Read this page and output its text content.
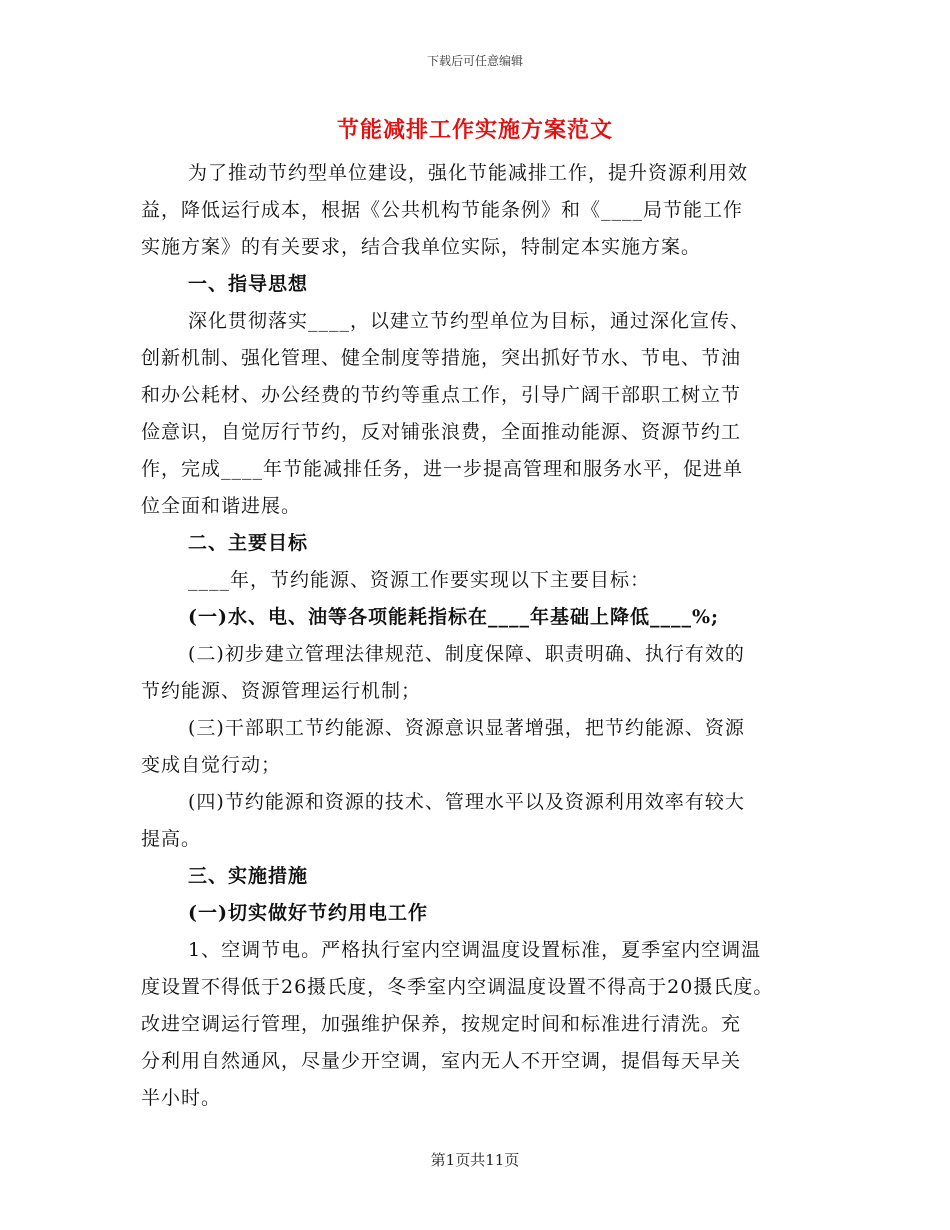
下载后可任意编辑
节能减排工作实施方案范文
为了推动节约型单位建设，强化节能减排工作，提升资源利用效
益，降低运行成本，根据《公共机构节能条例》和《____局节能工作
实施方案》的有关要求，结合我单位实际，特制定本实施方案。
一、指导思想
深化贯彻落实____，以建立节约型单位为目标，通过深化宣传、
创新机制、强化管理、健全制度等措施，突出抓好节水、节电、节油
和办公耗材、办公经费的节约等重点工作，引导广阔干部职工树立节
俭意识，自觉厉行节约，反对铺张浪费，全面推动能源、资源节约工
作，完成____年节能减排任务，进一步提高管理和服务水平，促进单
位全面和谐进展。
二、主要目标
____年，节约能源、资源工作要实现以下主要目标：
(一)水、电、油等各项能耗指标在____年基础上降低____%;
(二)初步建立管理法律规范、制度保障、职责明确、执行有效的
节约能源、资源管理运行机制；
(三)干部职工节约能源、资源意识显著增强，把节约能源、资源
变成自觉行动；
(四)节约能源和资源的技术、管理水平以及资源利用效率有较大
提高。
三、实施措施
(一)切实做好节约用电工作
1、空调节电。严格执行室内空调温度设置标准，夏季室内空调温
度设置不得低于26摄氏度，冬季室内空调温度设置不得高于20摄氏度。
改进空调运行管理，加强维护保养，按规定时间和标准进行清洗。充
分利用自然通风，尽量少开空调，室内无人不开空调，提倡每天早关
半小时。
第1页共11页
